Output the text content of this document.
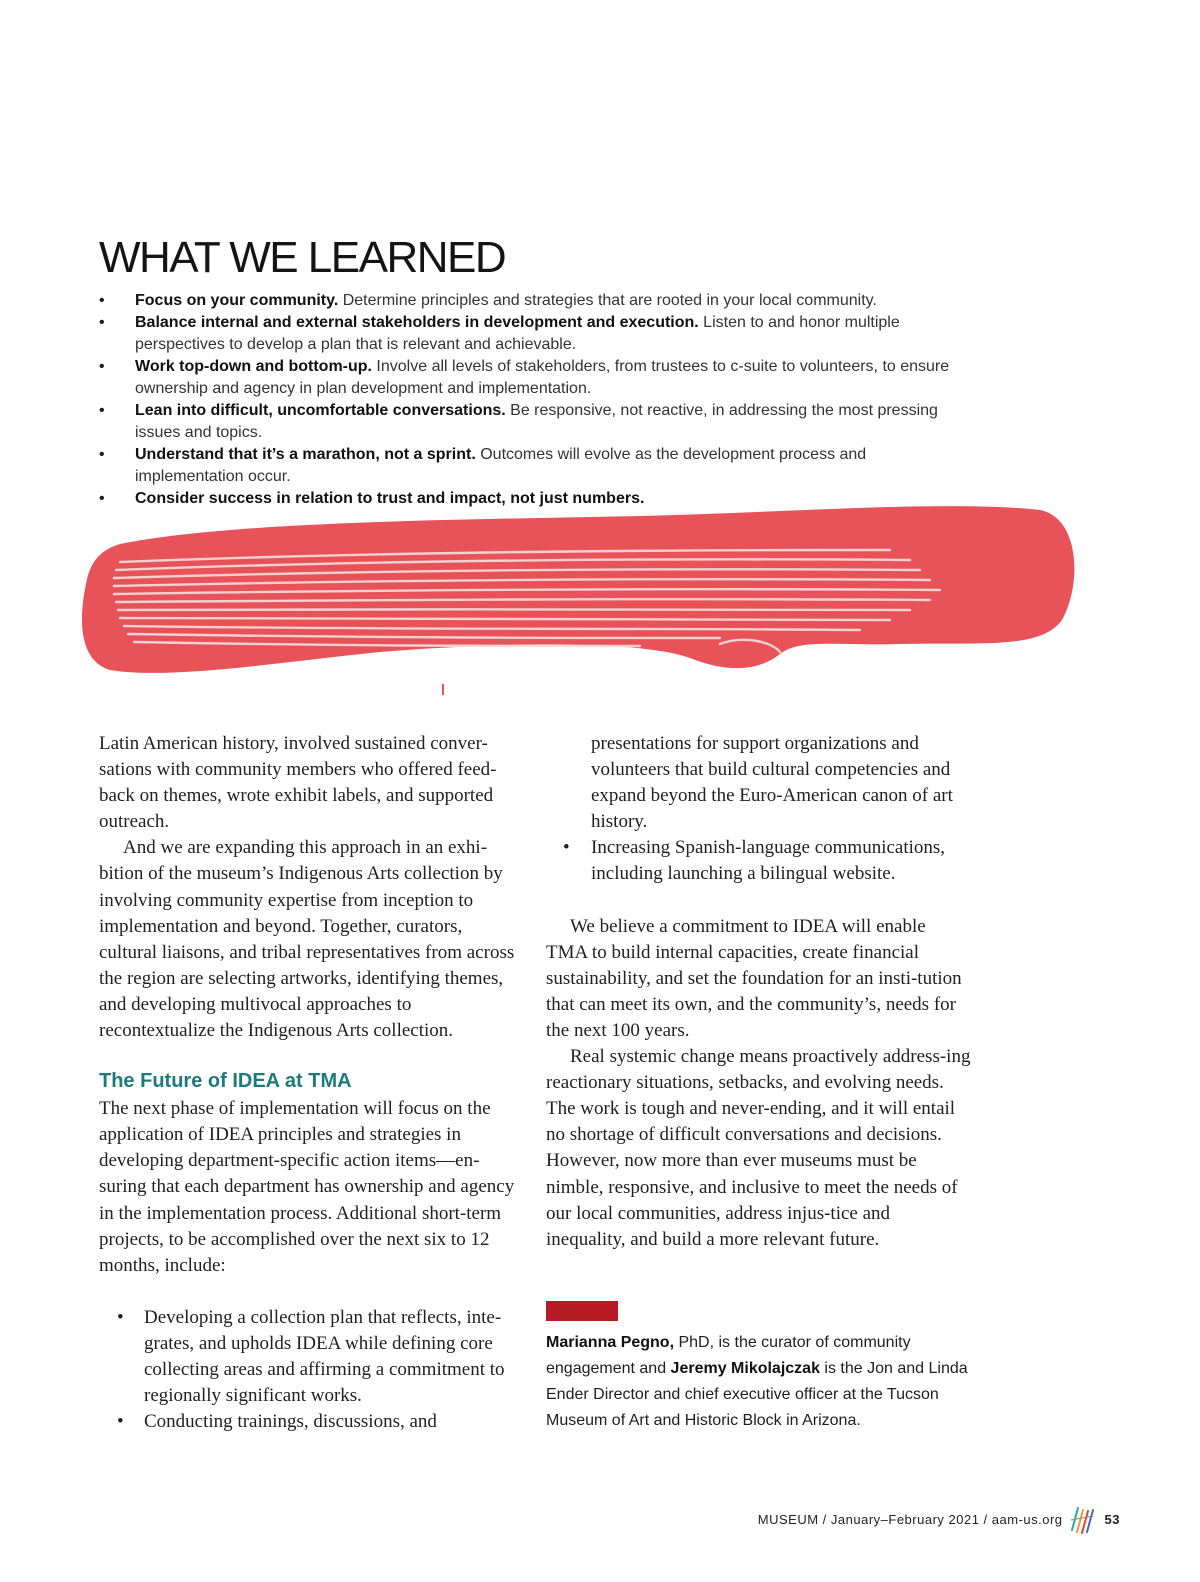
WHAT WE LEARNED
• Focus on your community. Determine principles and strategies that are rooted in your local community.
• Balance internal and external stakeholders in development and execution. Listen to and honor multiple perspectives to develop a plan that is relevant and achievable.
• Work top-down and bottom-up. Involve all levels of stakeholders, from trustees to c-suite to volunteers, to ensure ownership and agency in plan development and implementation.
• Lean into difficult, uncomfortable conversations. Be responsive, not reactive, in addressing the most pressing issues and topics.
• Understand that it’s a marathon, not a sprint. Outcomes will evolve as the development process and implementation occur.
• Consider success in relation to trust and impact, not just numbers.

Latin American history, involved sustained conver-sations with community members who offered feed-back on themes, wrote exhibit labels, and supported outreach.

And we are expanding this approach in an exhi-bition of the museum’s Indigenous Arts collection by involving community expertise from inception to implementation and beyond. Together, curators, cultural liaisons, and tribal representatives from across the region are selecting artworks, identifying themes, and developing multivocal approaches to recontextualize the Indigenous Arts collection.

The Future of IDEA at TMA

The next phase of implementation will focus on the application of IDEA principles and strategies in developing department-specific action items—en-suring that each department has ownership and agency in the implementation process. Additional short-term projects, to be accomplished over the next six to 12 months, include:

• Developing a collection plan that reflects, inte-grates, and upholds IDEA while defining core collecting areas and affirming a commitment to regionally significant works.
• Conducting trainings, discussions, and

presentations for support organizations and volunteers that build cultural competencies and expand beyond the Euro-American canon of art history.

• Increasing Spanish-language communications, including launching a bilingual website.

We believe a commitment to IDEA will enable TMA to build internal capacities, create financial sustainability, and set the foundation for an insti-tution that can meet its own, and the community’s, needs for the next 100 years.

Real systemic change means proactively address-ing reactionary situations, setbacks, and evolving needs. The work is tough and never-ending, and it will entail no shortage of difficult conversations and decisions. However, now more than ever museums must be nimble, responsive, and inclusive to meet the needs of our local communities, address injus-tice and inequality, and build a more relevant future.

Marianna Pegno, PhD, is the curator of community engagement and Jeremy Mikolajczak is the Jon and Linda Ender Director and chief executive officer at the Tucson Museum of Art and Historic Block in Arizona.

MUSEUM / January–February 2021 / aam-us.org	53
